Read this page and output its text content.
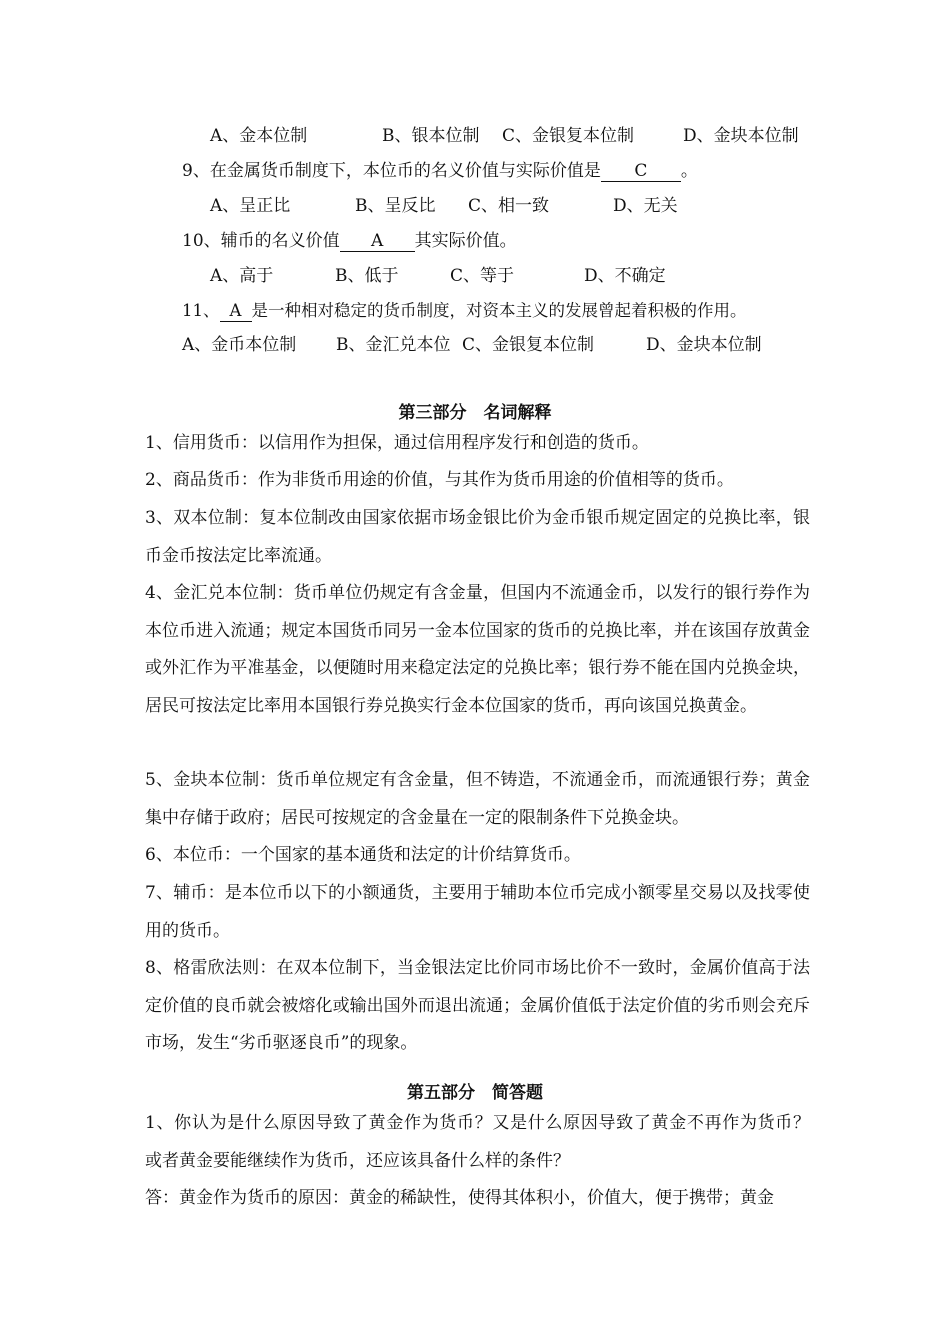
A、金本位制	B、银本位制 C、金银复本位制	D、金块本位制
9、在金属货币制度下，本位币的名义价值与实际价值是 C 。
A、呈正比	B、呈反比 C、相一致	D、无关
10、辅币的名义价值 A 其实际价值。
A、高于	B、低于	C、等于	D、不确定
11、 A 是一种相对稳定的货币制度，对资本主义的发展曾起着积极的作用。
A、金币本位制 B、金汇兑本位 C、金银复本位制	D、金块本位制
第三部分　名词解释
1、信用货币：以信用作为担保，通过信用程序发行和创造的货币。
2、商品货币：作为非货币用途的价值，与其作为货币用途的价值相等的货币。
3、双本位制：复本位制改由国家依据市场金银比价为金币银币规定固定的兑换比率，银币金币按法定比率流通。
4、金汇兑本位制：货币单位仍规定有含金量，但国内不流通金币，以发行的银行券作为本位币进入流通；规定本国货币同另一金本位国家的货币的兑换比率，并在该国存放黄金或外汇作为平准基金，以便随时用来稳定法定的兑换比率；银行券不能在国内兑换金块，居民可按法定比率用本国银行券兑换实行金本位国家的货币，再向该国兑换黄金。
5、金块本位制：货币单位规定有含金量，但不铸造，不流通金币，而流通银行券；黄金集中存储于政府；居民可按规定的含金量在一定的限制条件下兑换金块。
6、本位币：一个国家的基本通货和法定的计价结算货币。
7、辅币：是本位币以下的小额通货，主要用于辅助本位币完成小额零星交易以及找零使用的货币。
8、格雷欣法则：在双本位制下，当金银法定比价同市场比价不一致时，金属价值高于法定价值的良币就会被熔化或输出国外而退出流通；金属价值低于法定价值的劣币则会充斥市场，发生“劣币驱逐良币”的现象。
第五部分　简答题
1、你认为是什么原因导致了黄金作为货币？又是什么原因导致了黄金不再作为货币？　或者黄金要能继续作为货币，还应该具备什么样的条件？
答：黄金作为货币的原因：黄金的稀缺性，使得其体积小，价值大，便于携带；黄金
